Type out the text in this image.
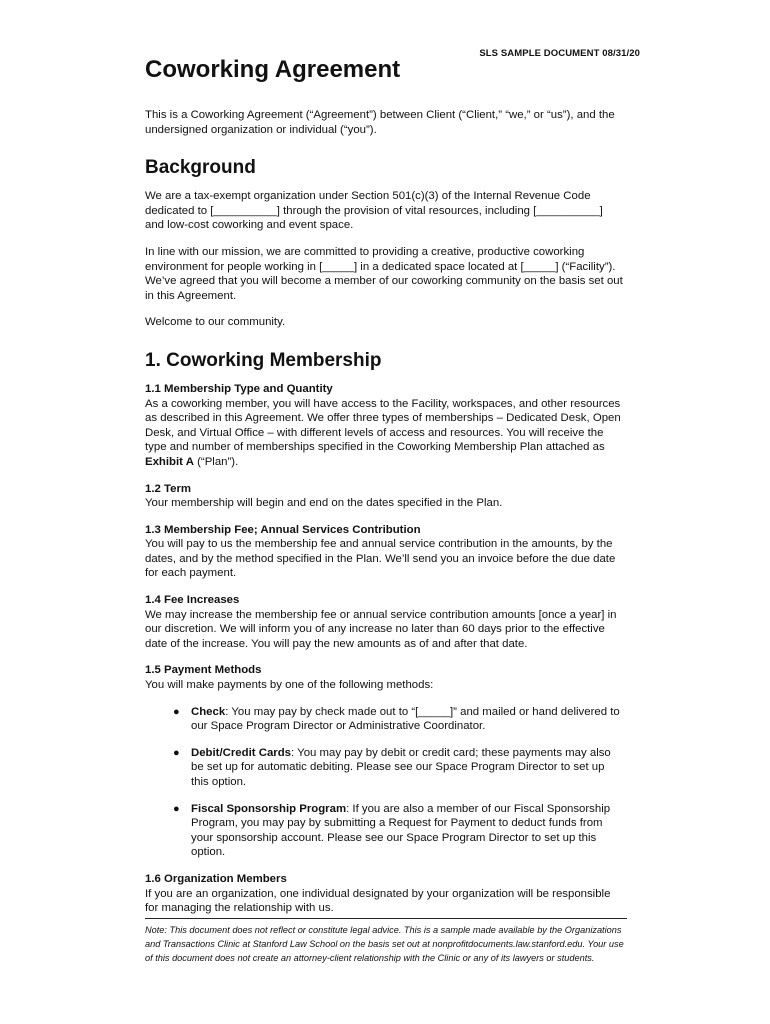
SLS SAMPLE DOCUMENT 08/31/20
Coworking Agreement

This is a Coworking Agreement (“Agreement”) between Client (“Client,” “we,” or “us”), and the undersigned organization or individual (“you”).

Background

We are a tax-exempt organization under Section 501(c)(3) of the Internal Revenue Code dedicated to [__________] through the provision of vital resources, including [__________] and low-cost coworking and event space.

In line with our mission, we are committed to providing a creative, productive coworking environment for people working in [_____] in a dedicated space located at [_____] (“Facility”). We’ve agreed that you will become a member of our coworking community on the basis set out in this Agreement.

Welcome to our community.

1. Coworking Membership

1.1 Membership Type and Quantity

As a coworking member, you will have access to the Facility, workspaces, and other resources as described in this Agreement. We offer three types of memberships – Dedicated Desk, Open Desk, and Virtual Office – with different levels of access and resources. You will receive the type and number of memberships specified in the Coworking Membership Plan attached as Exhibit A (“Plan”).

1.2 Term

Your membership will begin and end on the dates specified in the Plan.

1.3 Membership Fee; Annual Services Contribution

You will pay to us the membership fee and annual service contribution in the amounts, by the dates, and by the method specified in the Plan. We’ll send you an invoice before the due date for each payment.

1.4 Fee Increases

We may increase the membership fee or annual service contribution amounts [once a year] in our discretion. We will inform you of any increase no later than 60 days prior to the effective date of the increase. You will pay the new amounts as of and after that date.

1.5 Payment Methods

You will make payments by one of the following methods:

● Check: You may pay by check made out to “[_____]” and mailed or hand delivered to our Space Program Director or Administrative Coordinator.
● Debit/Credit Cards: You may pay by debit or credit card; these payments may also be set up for automatic debiting. Please see our Space Program Director to set up this option.
● Fiscal Sponsorship Program: If you are also a member of our Fiscal Sponsorship Program, you may pay by submitting a Request for Payment to deduct funds from your sponsorship account. Please see our Space Program Director to set up this option.

1.6 Organization Members

If you are an organization, one individual designated by your organization will be responsible for managing the relationship with us.

Note: This document does not reflect or constitute legal advice. This is a sample made available by the Organizations and Transactions Clinic at Stanford Law School on the basis set out at nonprofitdocuments.law.stanford.edu. Your use of this document does not create an attorney-client relationship with the Clinic or any of its lawyers or students.
